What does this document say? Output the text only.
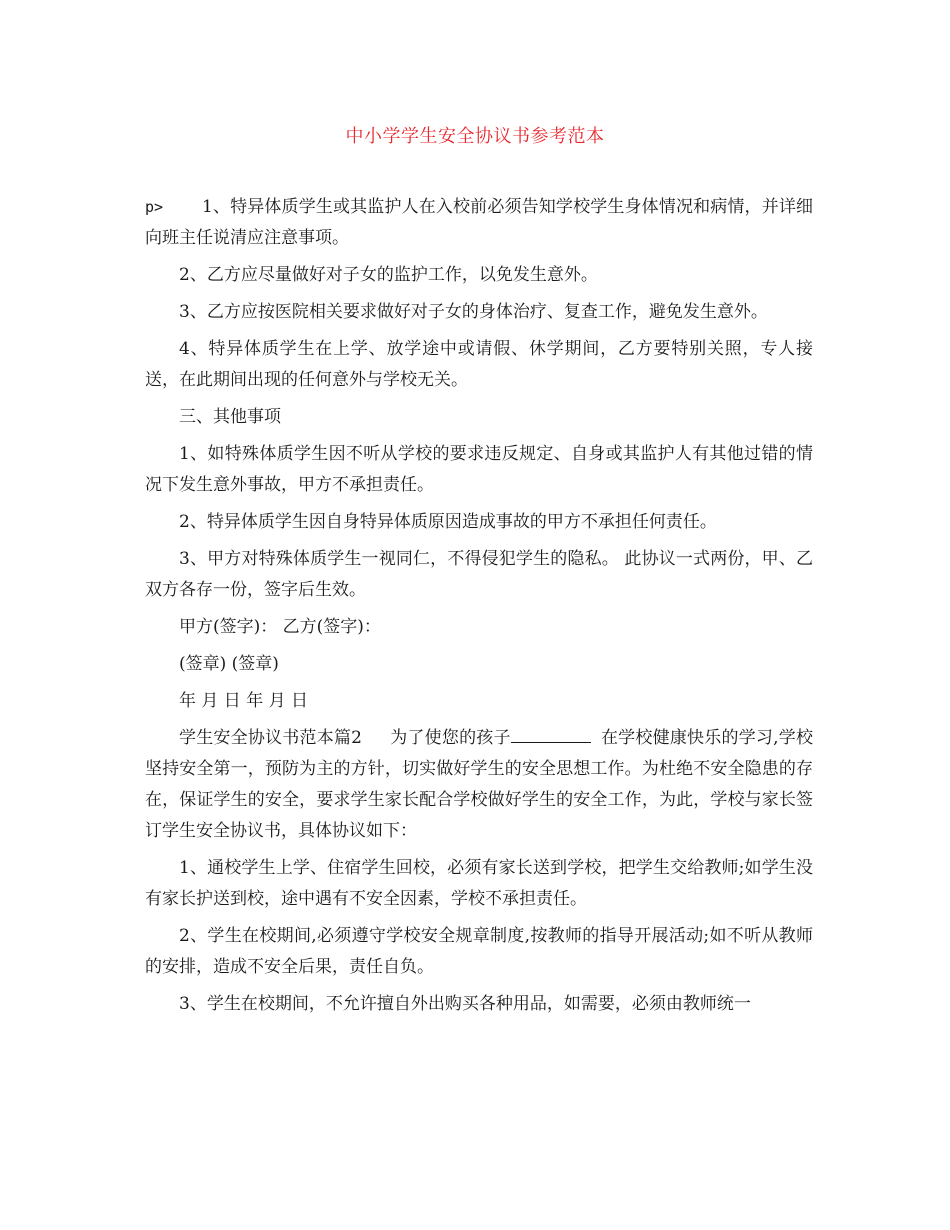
中小学学生安全协议书参考范本

p> 1、特异体质学生或其监护人在入校前必须告知学校学生身体情况和病情，并详细向班主任说清应注意事项。

2、乙方应尽量做好对子女的监护工作，以免发生意外。

3、乙方应按医院相关要求做好对子女的身体治疗、复查工作，避免发生意外。

4、特异体质学生在上学、放学途中或请假、休学期间，乙方要特别关照，专人接送，在此期间出现的任何意外与学校无关。

三、其他事项

1、如特殊体质学生因不听从学校的要求违反规定、自身或其监护人有其他过错的情况下发生意外事故，甲方不承担责任。

2、特异体质学生因自身特异体质原因造成事故的甲方不承担任何责任。

3、甲方对特殊体质学生一视同仁，不得侵犯学生的隐私。 此协议一式两份，甲、乙双方各存一份，签字后生效。

甲方(签字)： 乙方(签字)：

(签章) (签章)

年 月 日 年 月 日

学生安全协议书范本篇2 为了使您的孩子	在学校健康快乐的学习,学校坚持安全第一，预防为主的方针，切实做好学生的安全思想工作。为杜绝不安全隐患的存在，保证学生的安全，要求学生家长配合学校做好学生的安全工作，为此，学校与家长签订学生安全协议书，具体协议如下：

1、通校学生上学、住宿学生回校，必须有家长送到学校，把学生交给教师;如学生没有家长护送到校，途中遇有不安全因素，学校不承担责任。

2、学生在校期间,必须遵守学校安全规章制度,按教师的指导开展活动;如不听从教师的安排，造成不安全后果，责任自负。

3、学生在校期间，不允许擅自外出购买各种用品，如需要，必须由教师统一
